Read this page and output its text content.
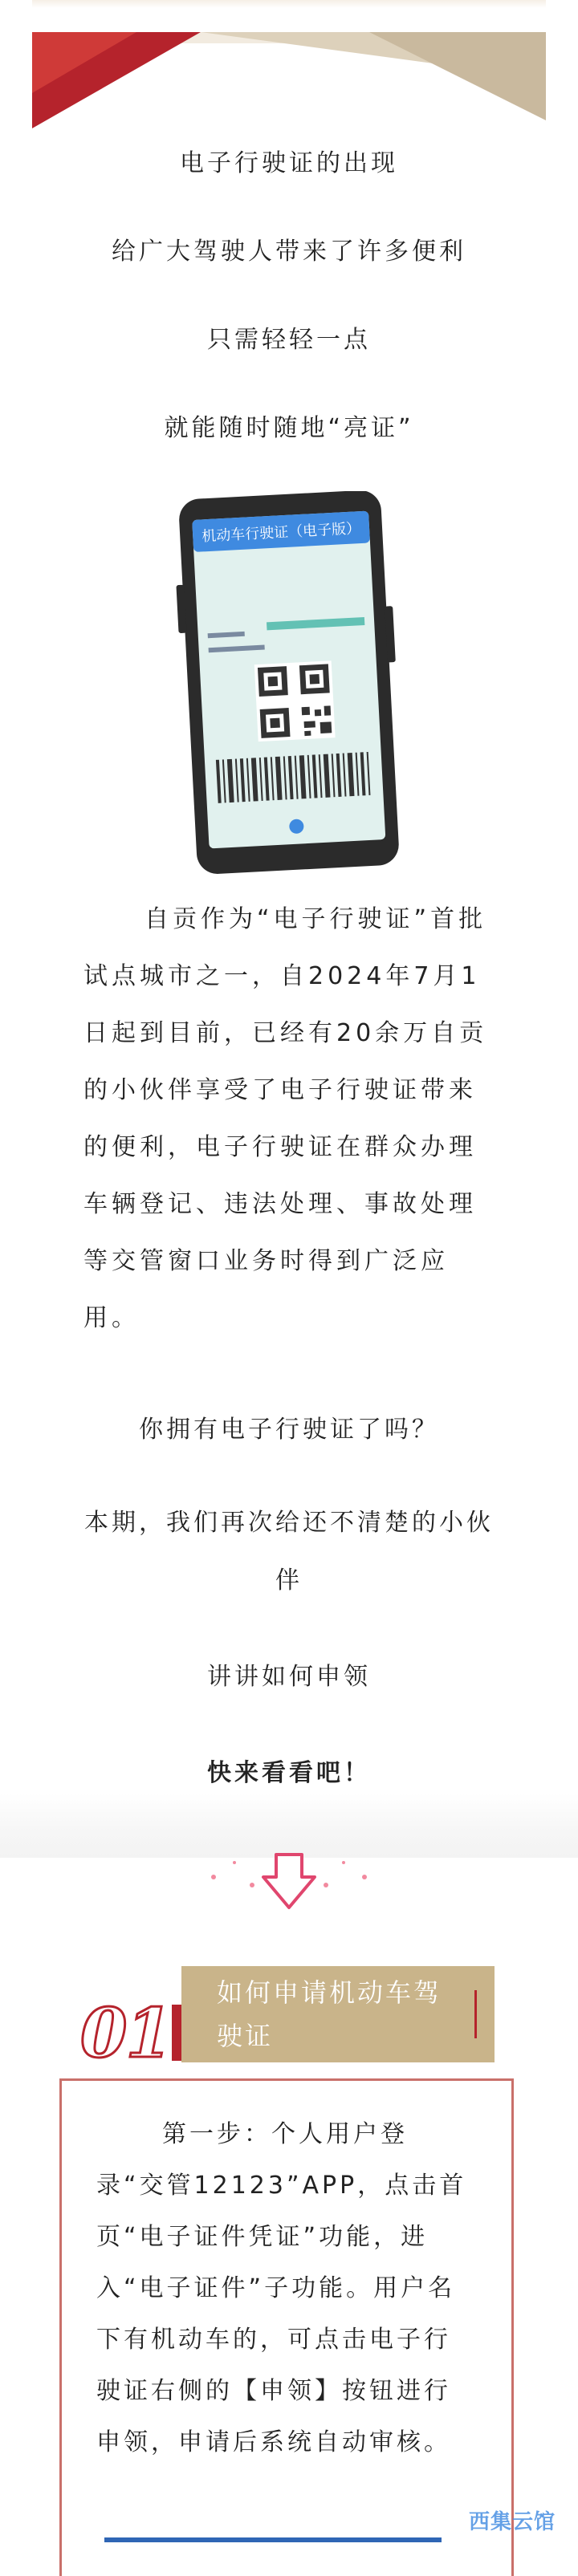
电子行驶证的出现
给广大驾驶人带来了许多便利
只需轻轻一点
就能随时随地“亮证”
机动车行驶证（电子版）

自贡作为“电子行驶证”首批试点城市之一，自2024年7月1日起到目前，已经有20余万自贡的小伙伴享受了电子行驶证带来的便利，电子行驶证在群众办理车辆登记、违法处理、事故处理等交管窗口业务时得到广泛应用。

你拥有电子行驶证了吗？
本期，我们再次给还不清楚的小伙
伴
讲讲如何申领
快来看看吧！
01
如何申请机动车驾驶证

第一步：个人用户登录“交管12123”APP，点击首页“电子证件凭证”功能，进入“电子证件”子功能。用户名下有机动车的，可点击电子行驶证右侧的【申领】按钮进行申领，申请后系统自动审核。

西集云馆
